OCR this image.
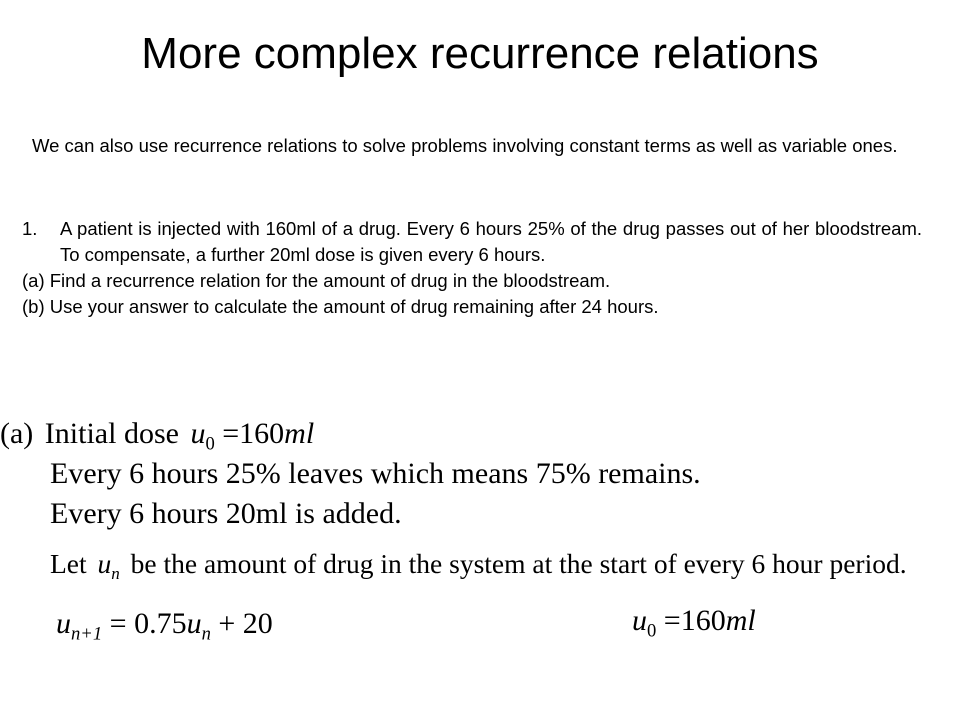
More complex recurrence relations
We can also use recurrence relations to solve problems involving constant terms as well as variable ones.
1. A patient is injected with 160ml of a drug. Every 6 hours 25% of the drug passes out of her bloodstream. To compensate, a further 20ml dose is given every 6 hours.
(a) Find a recurrence relation for the amount of drug in the bloodstream.
(b) Use your answer to calculate the amount of drug remaining after 24 hours.
(a) Initial dose $u_0 =160ml$
Every 6 hours 25% leaves which means 75% remains.
Every 6 hours 20ml is added.
Let $u_n$ be the amount of drug in the system at the start of every 6 hour period.
$u_{n+1} = 0.75u_n + 20$	$u_0 =160ml$
